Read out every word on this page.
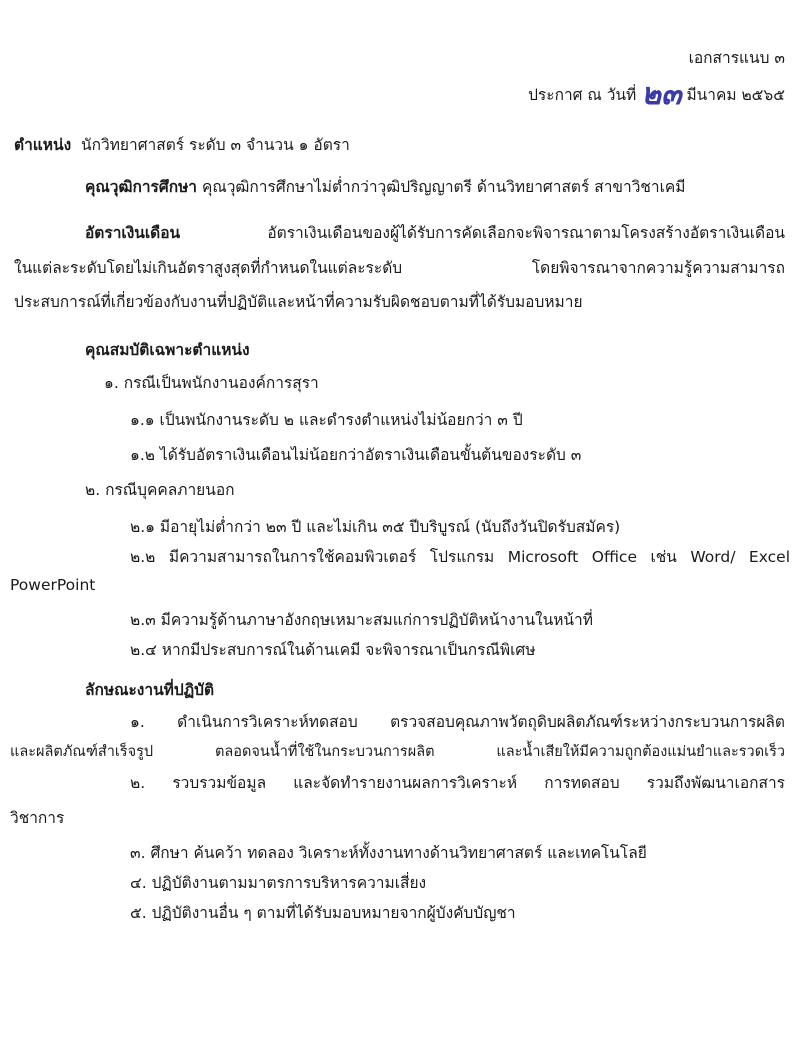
เอกสารแนบ ๓
ประกาศ ณ วันที่ ๒๓ มีนาคม ๒๕๖๕
ตำแหน่ง นักวิทยาศาสตร์ ระดับ ๓ จำนวน ๑ อัตรา
คุณวุฒิการศึกษา คุณวุฒิการศึกษาไม่ต่ำกว่าวุฒิปริญญาตรี ด้านวิทยาศาสตร์ สาขาวิชาเคมี
อัตราเงินเดือน	อัตราเงินเดือนของผู้ได้รับการคัดเลือกจะพิจารณาตามโครงสร้างอัตราเงินเดือน
ในแต่ละระดับโดยไม่เกินอัตราสูงสุดที่กำหนดในแต่ละระดับ โดยพิจารณาจากความรู้ความสามารถ
ประสบการณ์ที่เกี่ยวข้องกับงานที่ปฏิบัติและหน้าที่ความรับผิดชอบตามที่ได้รับมอบหมาย
คุณสมบัติเฉพาะตำแหน่ง
๑. กรณีเป็นพนักงานองค์การสุรา
๑.๑ เป็นพนักงานระดับ ๒ และดำรงตำแหน่งไม่น้อยกว่า ๓ ปี
๑.๒ ได้รับอัตราเงินเดือนไม่น้อยกว่าอัตราเงินเดือนขั้นต้นของระดับ ๓
๒. กรณีบุคคลภายนอก
๒.๑ มีอายุไม่ต่ำกว่า ๒๓ ปี และไม่เกิน ๓๕ ปีบริบูรณ์ (นับถึงวันปิดรับสมัคร)
๒.๒ มีความสามารถในการใช้คอมพิวเตอร์ โปรแกรม Microsoft Office เช่น Word/ Excel
PowerPoint
๒.๓ มีความรู้ด้านภาษาอังกฤษเหมาะสมแก่การปฏิบัติหน้างานในหน้าที่
๒.๔ หากมีประสบการณ์ในด้านเคมี จะพิจารณาเป็นกรณีพิเศษ
ลักษณะงานที่ปฏิบัติ
๑. ดำเนินการวิเคราะห์ทดสอบ ตรวจสอบคุณภาพวัตถุดิบผลิตภัณฑ์ระหว่างกระบวนการผลิต
และผลิตภัณฑ์สำเร็จรูป ตลอดจนน้ำที่ใช้ในกระบวนการผลิต และน้ำเสียให้มีความถูกต้องแม่นยำและรวดเร็ว
๒. รวบรวมข้อมูล และจัดทำรายงานผลการวิเคราะห์ การทดสอบ รวมถึงพัฒนาเอกสาร
วิชาการ
๓. ศึกษา ค้นคว้า ทดลอง วิเคราะห์ทั้งงานทางด้านวิทยาศาสตร์ และเทคโนโลยี
๔. ปฏิบัติงานตามมาตรการบริหารความเสี่ยง
๕. ปฏิบัติงานอื่น ๆ ตามที่ได้รับมอบหมายจากผู้บังคับบัญชา
